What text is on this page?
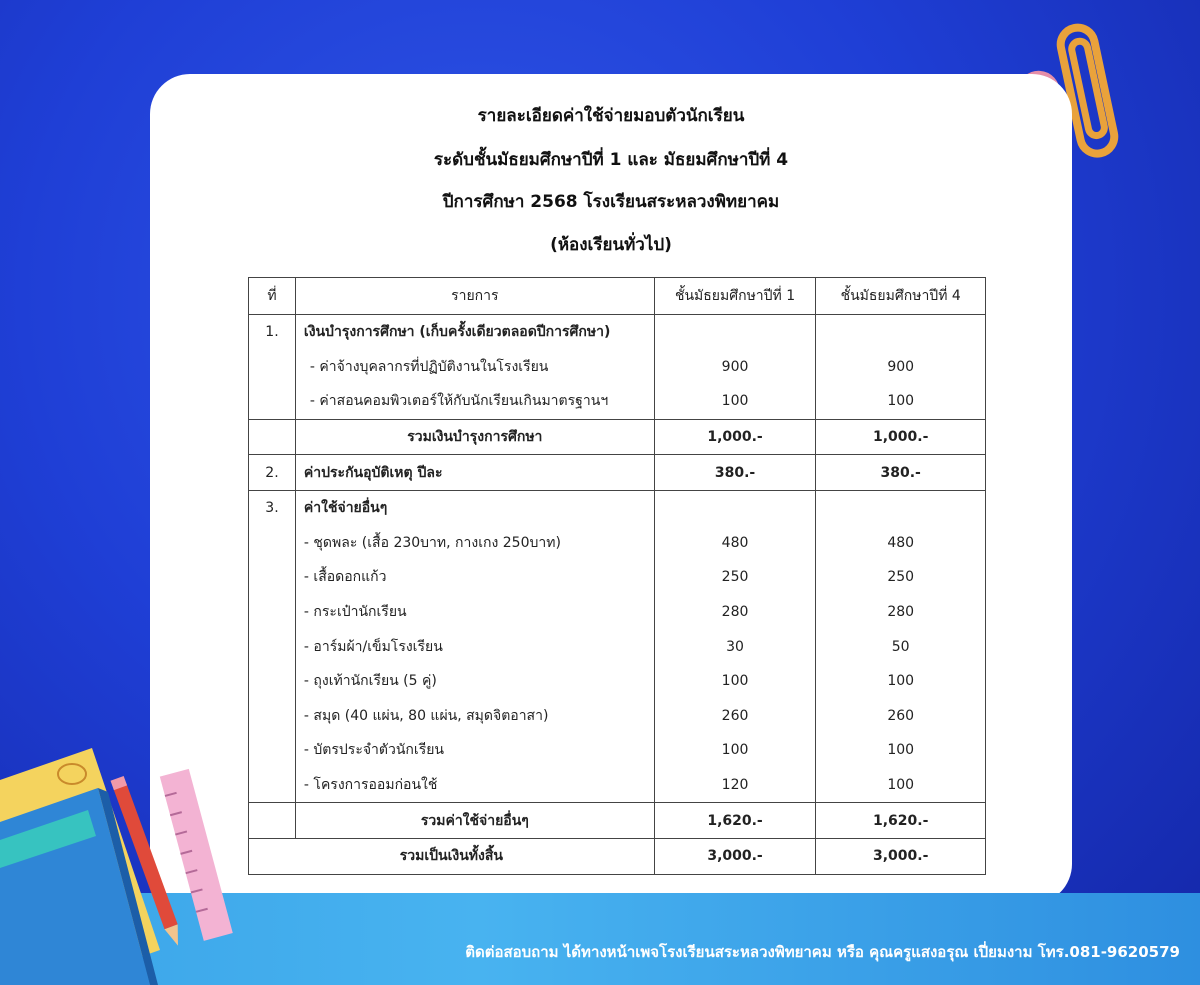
รายละเอียดค่าใช้จ่ายมอบตัวนักเรียน
ระดับชั้นมัธยมศึกษาปีที่ 1 และ มัธยมศึกษาปีที่ 4
ปีการศึกษา 2568 โรงเรียนสระหลวงพิทยาคม
(ห้องเรียนทั่วไป)
ที่	รายการ	ชั้นมัธยมศึกษาปีที่ 1	ชั้นมัธยมศึกษาปีที่ 4
1.	เงินบำรุงการศึกษา (เก็บครั้งเดียวตลอดปีการศึกษา)		
	- ค่าจ้างบุคลากรที่ปฏิบัติงานในโรงเรียน	900	900
	- ค่าสอนคอมพิวเตอร์ให้กับนักเรียนเกินมาตรฐานฯ	100	100
	รวมเงินบำรุงการศึกษา	1,000.-	1,000.-
2.	ค่าประกันอุบัติเหตุ ปีละ	380.-	380.-
3.	ค่าใช้จ่ายอื่นๆ		
	- ชุดพละ (เสื้อ 230บาท, กางเกง 250บาท)	480	480
	- เสื้อดอกแก้ว	250	250
	- กระเป๋านักเรียน	280	280
	- อาร์มผ้า/เข็มโรงเรียน	30	50
	- ถุงเท้านักเรียน (5 คู่)	100	100
	- สมุด (40 แผ่น, 80 แผ่น, สมุดจิตอาสา)	260	260
	- บัตรประจำตัวนักเรียน	100	100
	- โครงการออมก่อนใช้	120	100
	รวมค่าใช้จ่ายอื่นๆ	1,620.-	1,620.-
รวมเป็นเงินทั้งสิ้น		3,000.-	3,000.-
ติดต่อสอบถาม ได้ทางหน้าเพจโรงเรียนสระหลวงพิทยาคม หรือ คุณครูแสงอรุณ เปี่ยมงาม โทร.081-9620579
